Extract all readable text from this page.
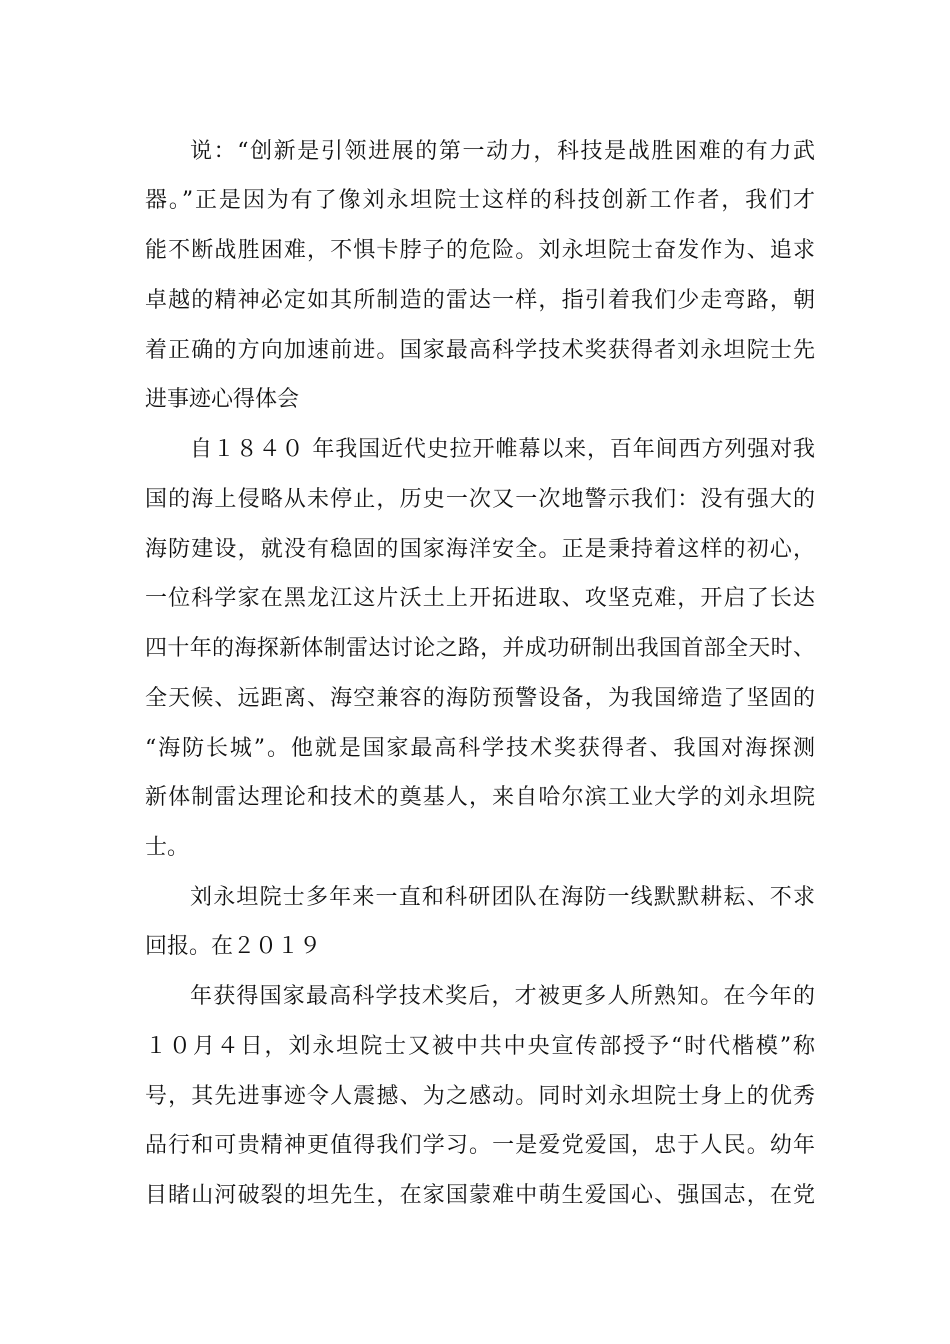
说：“创新是引领进展的第一动力，科技是战胜困难的有力武
器。”正是因为有了像刘永坦院士这样的科技创新工作者，我们才
能不断战胜困难，不惧卡脖子的危险。刘永坦院士奋发作为、追求
卓越的精神必定如其所制造的雷达一样，指引着我们少走弯路，朝
着正确的方向加速前进。国家最高科学技术奖获得者刘永坦院士先
进事迹心得体会
自１８４０ 年我国近代史拉开帷幕以来，百年间西方列强对我
国的海上侵略从未停止，历史一次又一次地警示我们：没有强大的
海防建设，就没有稳固的国家海洋安全。正是秉持着这样的初心，
一位科学家在黑龙江这片沃土上开拓进取、攻坚克难，开启了长达
四十年的海探新体制雷达讨论之路，并成功研制出我国首部全天时、
全天候、远距离、海空兼容的海防预警设备，为我国缔造了坚固的
“海防长城”。他就是国家最高科学技术奖获得者、我国对海探测
新体制雷达理论和技术的奠基人，来自哈尔滨工业大学的刘永坦院
士。
刘永坦院士多年来一直和科研团队在海防一线默默耕耘、不求
回报。在２０１９
年获得国家最高科学技术奖后，才被更多人所熟知。在今年的
１０月４日，刘永坦院士又被中共中央宣传部授予“时代楷模”称
号，其先进事迹令人震撼、为之感动。同时刘永坦院士身上的优秀
品行和可贵精神更值得我们学习。一是爱党爱国，忠于人民。幼年
目睹山河破裂的坦先生，在家国蒙难中萌生爱国心、强国志，在党
